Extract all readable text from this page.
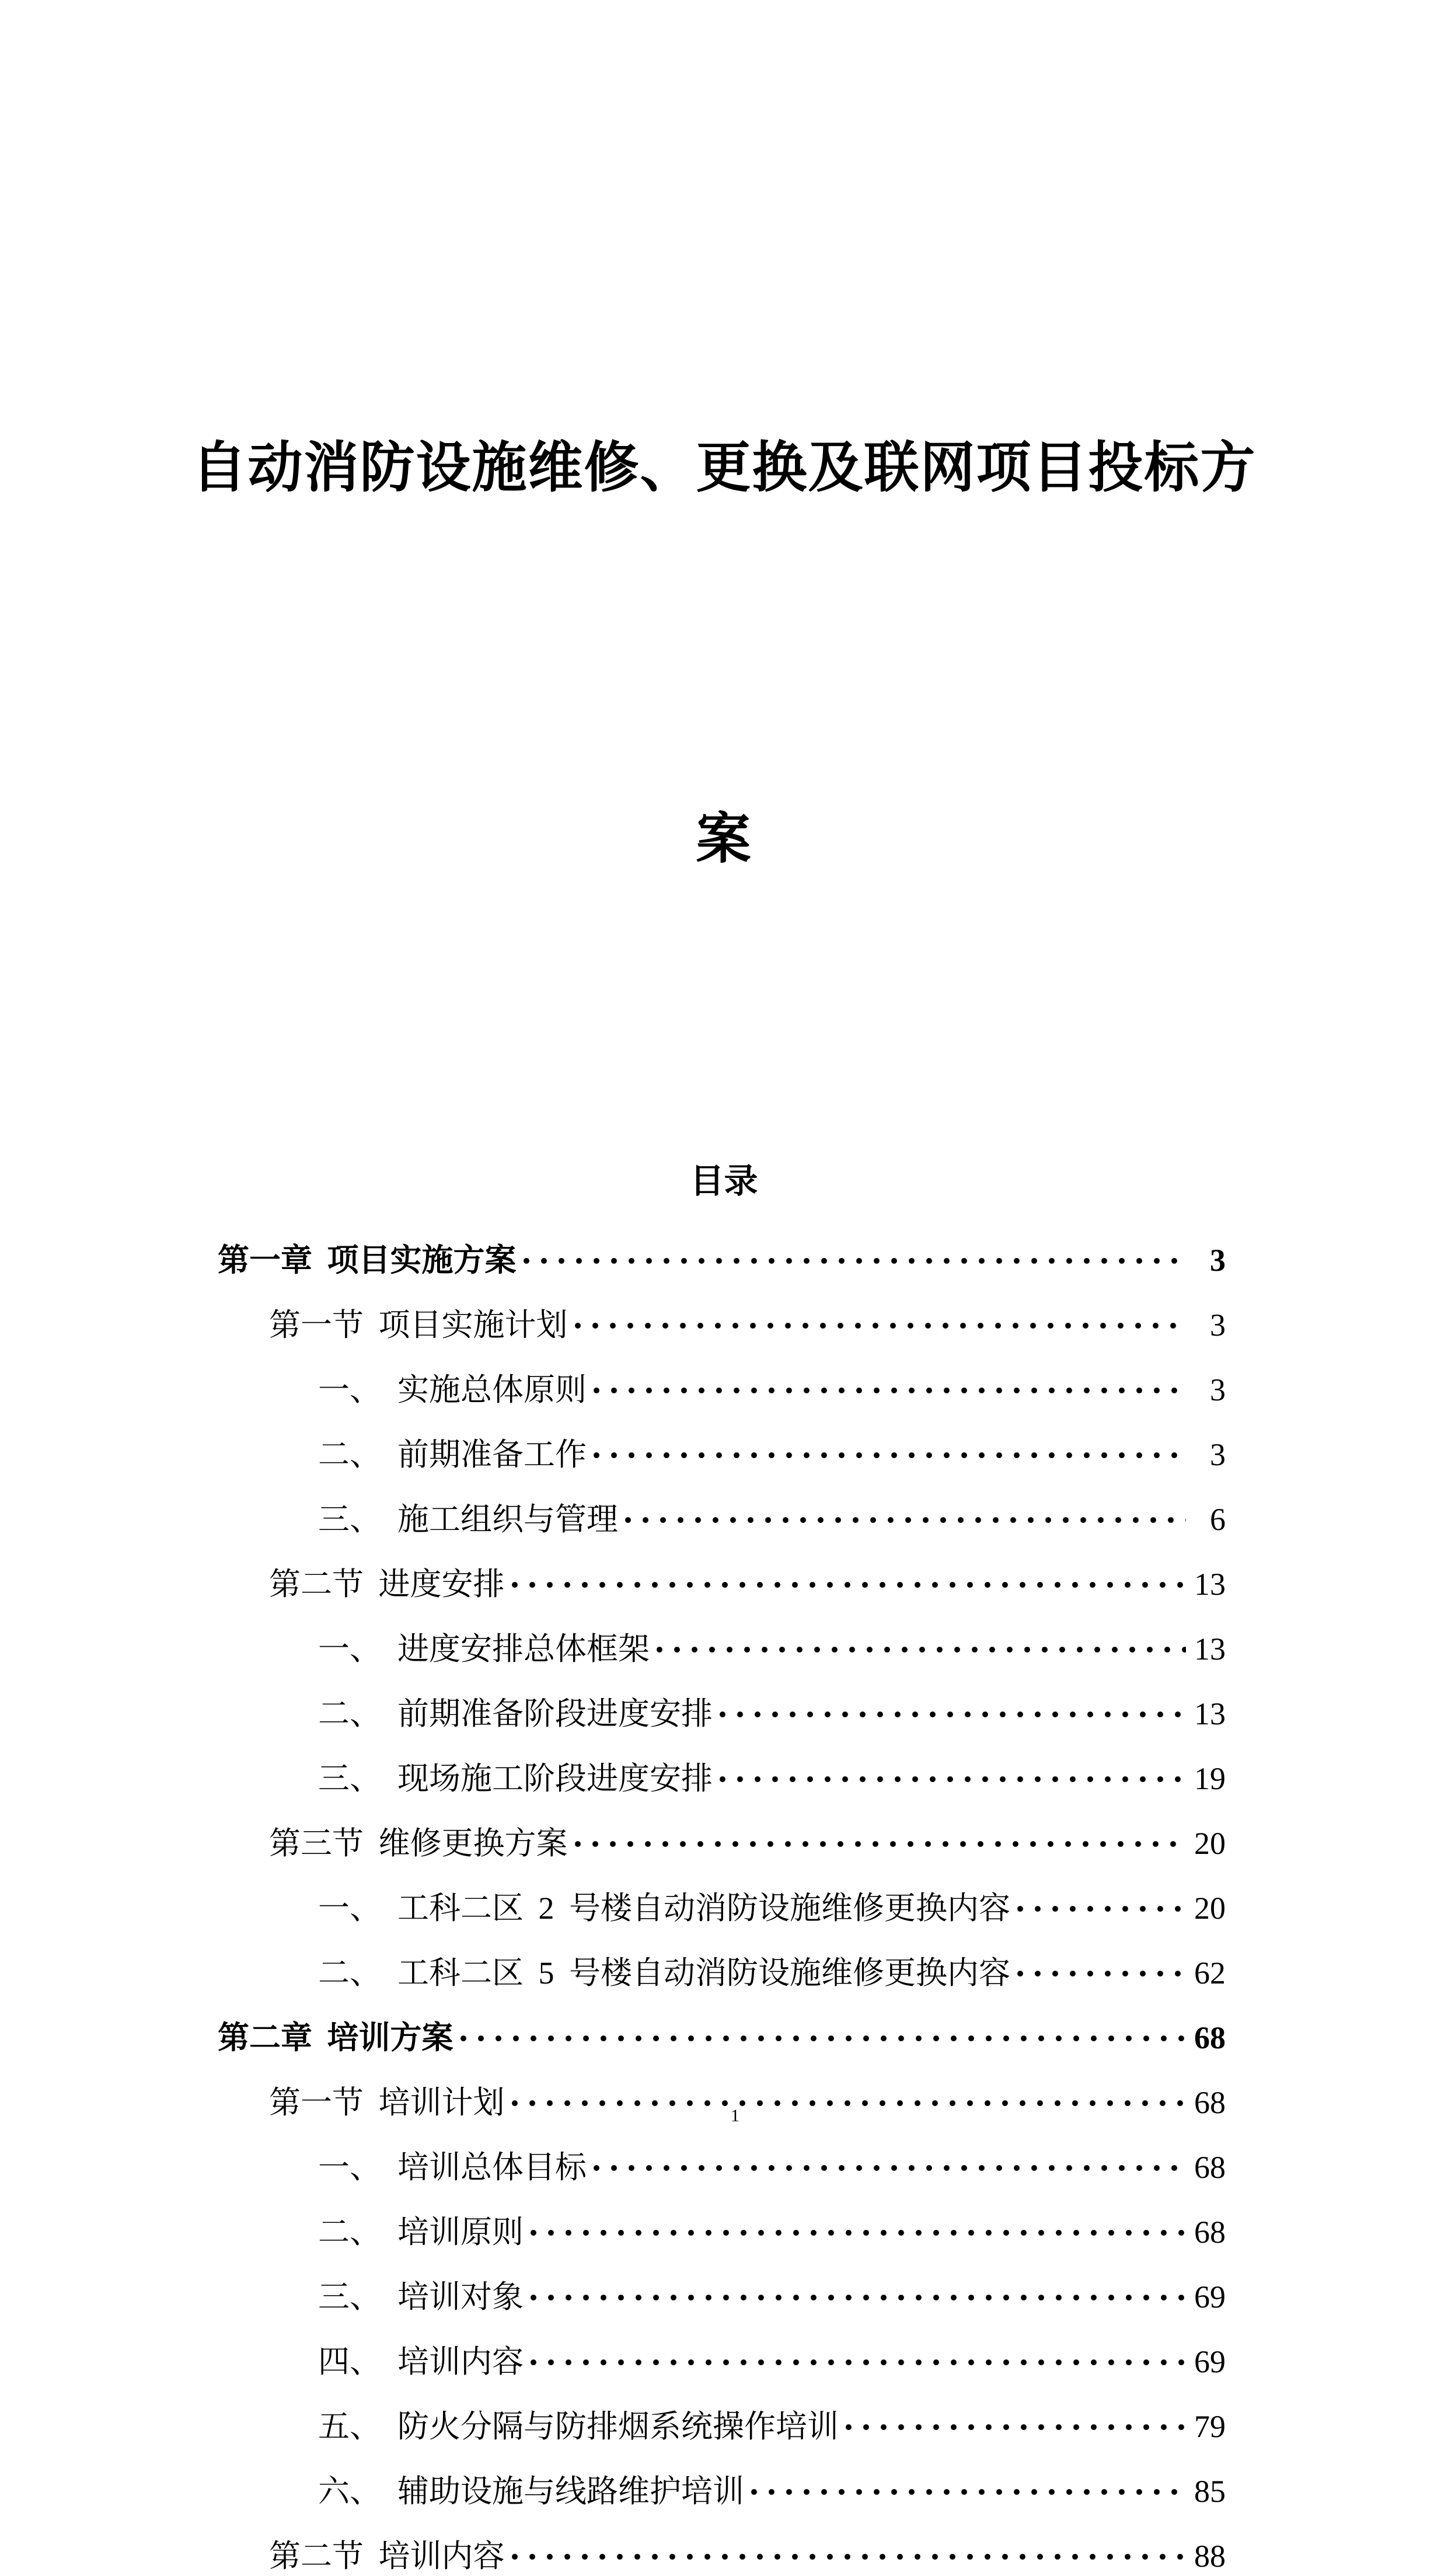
自动消防设施维修、更换及联网项目投标方

案

目录
第一章 项目实施方案	3
第一节 项目实施计划	3
一、 实施总体原则	3
二、 前期准备工作	3
三、 施工组织与管理	6
第二节 进度安排	13
一、 进度安排总体框架	13
二、 前期准备阶段进度安排	13
三、 现场施工阶段进度安排	19
第三节 维修更换方案	20
一、 工科二区 2 号楼自动消防设施维修更换内容	20
二、 工科二区 5 号楼自动消防设施维修更换内容	62
第二章 培训方案	68
第一节 培训计划	68
一、 培训总体目标	68
二、 培训原则	68
三、 培训对象	69
四、 培训内容	69
五、 防火分隔与防排烟系统操作培训	79
六、 辅助设施与线路维护培训	85
第二节 培训内容	88
1
